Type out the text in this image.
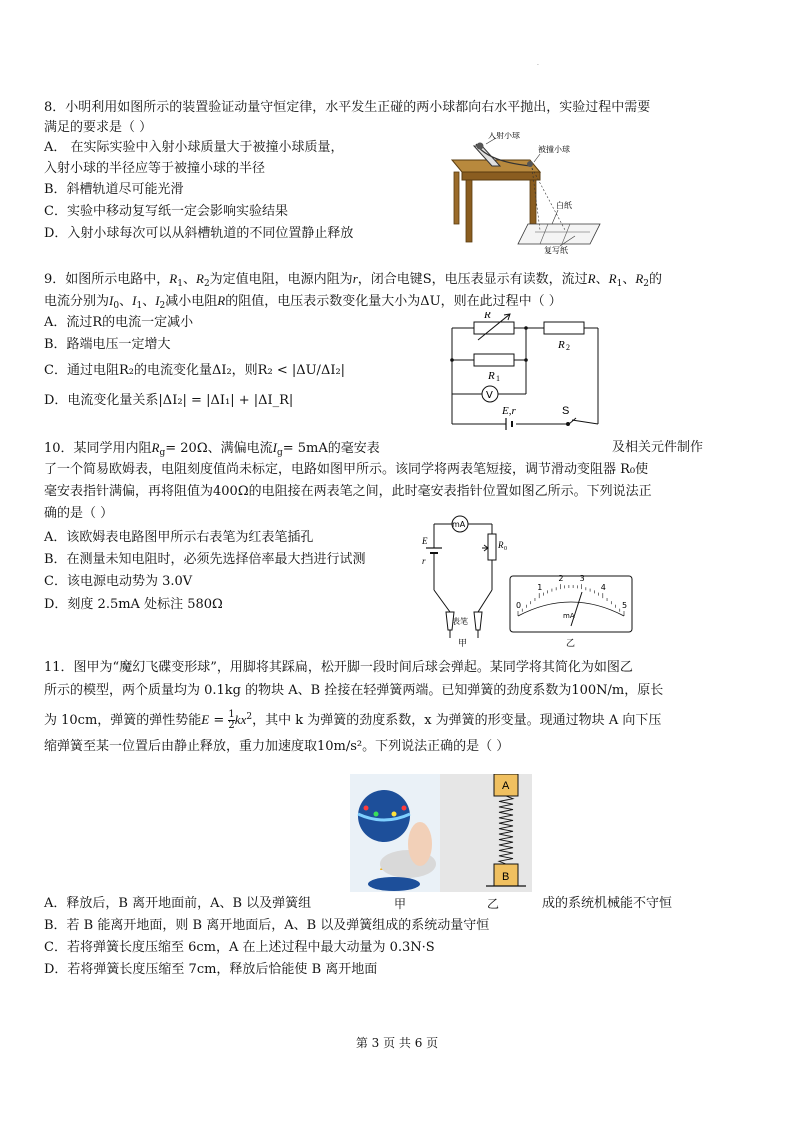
·
8．小明利用如图所示的装置验证动量守恒定律，水平发生正碰的两小球都向右水平抛出，实验过程中需要
满足的要求是（ ）
A． 在实际实验中入射小球质量大于被撞小球质量，
入射小球的半径应等于被撞小球的半径
B．斜槽轨道尽可能光滑
C．实验中移动复写纸一定会影响实验结果
D．入射小球每次可以从斜槽轨道的不同位置静止释放
入射小球
被撞小球
白纸
复写纸
9．如图所示电路中，$R_1$、$R_2$为定值电阻，电源内阻为r，闭合电键S，电压表显示有读数，流过R、$R_1$、$R_2$的
电流分别为$I_0$、$I_1$、$I_2$减小电阻R的阻值，电压表示数变化量大小为ΔU，则在此过程中（ ）
A．流过R的电流一定减小
B．路端电压一定增大
C．通过电阻R₂的电流变化量ΔI₂，则R₂ < |ΔU/ΔI₂|
D．电流变化量关系|ΔI₂| = |ΔI₁| + |ΔI_R|
R
R 2
R 1
V
E,r	S
10．某同学用内阻$R_g= 20\Omega$、满偏电流$I_g= 5mA$的毫安表	及相关元件制作
了一个简易欧姆表，电阻刻度值尚未标定，电路如图甲所示。该同学将两表笔短接，调节滑动变阻器 R₀使
毫安表指针满偏，再将阻值为400Ω的电阻接在两表笔之间，此时毫安表指针位置如图乙所示。下列说法正
确的是（ ）
A．该欧姆表电路图甲所示右表笔为红表笔插孔
B．在测量未知电阻时，必须先选择倍率最大挡进行试测
C．该电源电动势为 3.0V
D．刻度 2.5mA 处标注 580Ω
mA
R 0
E
r
表笔
甲
0
1
2 3
4
5
mA
乙
11．图甲为“魔幻飞碟变形球”，用脚将其踩扁，松开脚一段时间后球会弹起。某同学将其简化为如图乙
所示的模型，两个质量均为 0.1kg 的物块 A、B 拴接在轻弹簧两端。已知弹簧的劲度系数为100N/m，原长
为 10cm，弹簧的弹性势能$E = \frac{1}{2} kx^2$，其中 k 为弹簧的劲度系数，x 为弹簧的形变量。现通过物块 A 向下压
缩弹簧至某一位置后由静止释放，重力加速度取10m/s²。下列说法正确的是（ ）
A
B
A．释放后，B 离开地面前，A、B 以及弹簧组	甲	乙	成的系统机械能不守恒
B．若 B 能离开地面，则 B 离开地面后，A、B 以及弹簧组成的系统动量守恒
C．若将弹簧长度压缩至 6cm，A 在上述过程中最大动量为 0.3N·S
D．若将弹簧长度压缩至 7cm，释放后恰能使 B 离开地面
第 3 页 共 6 页
